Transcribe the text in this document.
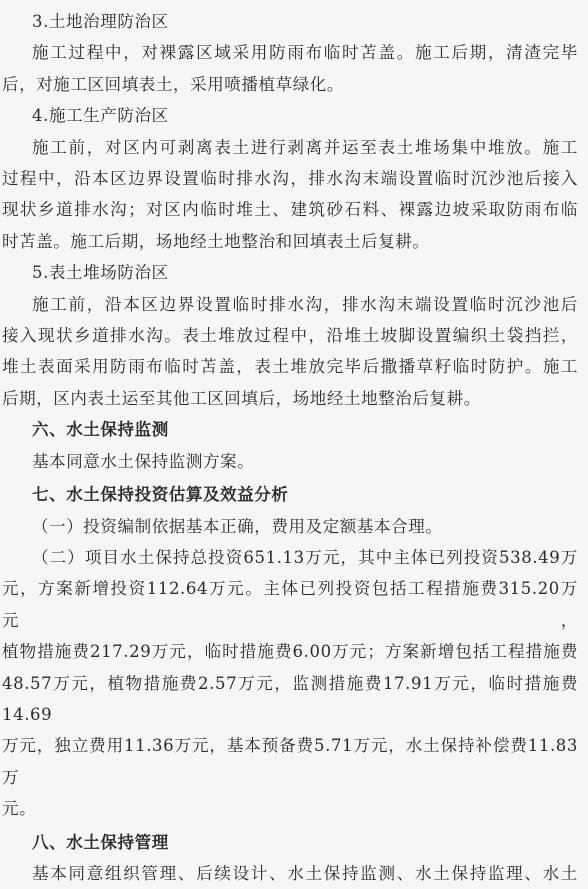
3.土地治理防治区
施工过程中，对裸露区域采用防雨布临时苫盖。施工后期，清渣完毕
后，对施工区回填表土，采用喷播植草绿化。
4.施工生产防治区
施工前，对区内可剥离表土进行剥离并运至表土堆场集中堆放。施工
过程中，沿本区边界设置临时排水沟，排水沟末端设置临时沉沙池后接入
现状乡道排水沟；对区内临时堆土、建筑砂石料、裸露边坡采取防雨布临
时苫盖。施工后期，场地经土地整治和回填表土后复耕。
5.表土堆场防治区
施工前，沿本区边界设置临时排水沟，排水沟末端设置临时沉沙池后
接入现状乡道排水沟。表土堆放过程中，沿堆土坡脚设置编织土袋挡拦，
堆土表面采用防雨布临时苫盖，表土堆放完毕后撒播草籽临时防护。施工
后期，区内表土运至其他工区回填后，场地经土地整治后复耕。
六、水土保持监测
基本同意水土保持监测方案。
七、水土保持投资估算及效益分析
（一）投资编制依据基本正确，费用及定额基本合理。
（二）项目水土保持总投资651.13万元，其中主体已列投资538.49万
元，方案新增投资112.64万元。主体已列投资包括工程措施费315.20万元，
植物措施费217.29万元，临时措施费6.00万元；方案新增包括工程措施费
48.57万元，植物措施费2.57万元，监测措施费17.91万元，临时措施费14.69
万元，独立费用11.36万元，基本预备费5.71万元，水土保持补偿费11.83万
元。
八、水土保持管理
基本同意组织管理、后续设计、水土保持监测、水土保持监理、水土
